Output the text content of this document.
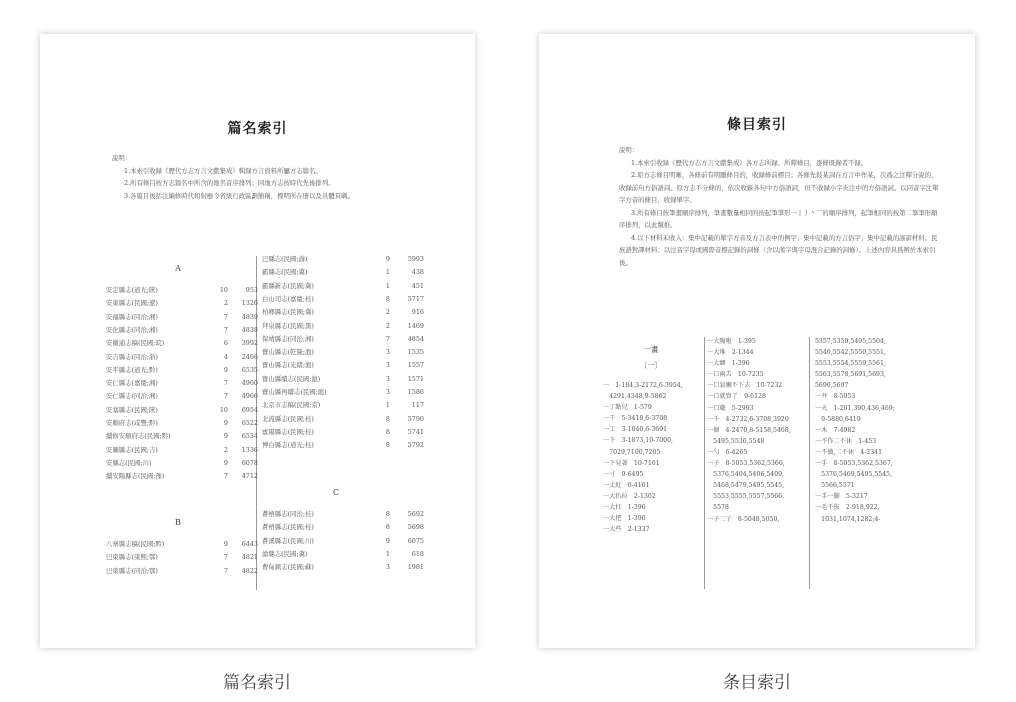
篇名索引

説明：

1.本索引收録《歷代方志方言文獻集成》輯録方言資料所屬方志篇名。

2.所有條目按方志篇名中所含的地名音序排列；同地方志按時代先後排列。

3.各篇目後括注編修時代和射應今省級行政區劃簡稱，標明所在册以及具體頁碼。

A
安定縣志(道光;陝)	10	953
安東縣志(民國;遼)	2	1326
安福縣志(同治;湘)	7	4839
安化縣志(同治;湘)	7	4838
安徽通志稿(民國;皖)	6	3992
安吉縣志(同治;浙)	4	2466
安平縣志(道光;黔)	9	6535
安仁縣志(嘉慶;湘)	7	4960
安仁縣志(同治;湘)	7	4966
安塞縣志(民國;陝)	10	6954
安順府志(咸豐;黔)	9	6522
續修安順府志(民國;黔)	9	6534
安圖縣志(民國;吉)	2	1336
安縣志(民國;川)	9	6078
續安陽縣志(民國;豫)	7	4712
B
八寨縣志稿(民國;黔)	9	6443
巴東縣志(康熙;鄂)	7	4821
巴東縣志(同治;鄂)	7	4822
巴縣志(民國;渝)	9	5993
霸縣志(民國;冀)	1	438
霸縣新志(民國;冀)	1	451
白山司志(嘉慶;桂)	8	5717
柏鄉縣志(民國;冀)	2	916
拜泉縣志(民國;黑)	2	1469
保靖縣志(同治;湘)	7	4854
寶山縣志(乾隆;滬)	3	1535
寶山縣志(光緒;滬)	3	1557
寶山縣續志(民國;滬)	3	1571
寶山縣再續志(民國;滬)	3	1586
北京市志稿(民國;京)	1	117
北流縣志(民國;桂)	8	5790
賓陽縣志(民國;桂)	8	5741
博白縣志(道光;桂)	8	5792
C
蒼梧縣志(同治;桂)	8	5692
蒼梧縣志(民國;桂)	8	5698
蒼溪縣志(民國;川)	9	6075
滄縣志(民國;冀)	1	618
曹甸鎮志(民國;蘇)	3	1981
篇名索引
條目索引

説明：

1.本索引收録《歷代方志方言文獻集成》各方志所録、所釋條目，逐條既錄者不録。

2.原方志條目明晰，各條前有明顯條目的，收録條前標目；各條先敍某詞在方言中作某，次爲之注釋分說的，收録前句方俗語詞。原方志不分條的，依次收錄各句中方俗語詞，但不收録小字夾注中的方俗語詞。以同音字注單字方音的條目，收録單字。

3.所有條目按筆畫順序排列，筆畫數量相同的按起筆筆形一丨丿丶乛的順序排列，起筆相同的按第二筆筆形順序排列，以此類推。

4.以下材料未收入：集中記載的單字方音及方言表中的例字；集中記載的方言俗字；集中記載的謠諺材料；民族語對譯材料；以注音字母或國際音標記錄的詞條（含以漢字與字母混合記錄的詞條）。上述內容具爲辨於本索引後。

一畫
〔一〕
一　1-184,3-2172,6-3954,
　4291,4348,9-5862
一丁點兒　1-579
一干　5-3418,6-3708
一工　3-1840,6-3691
一下　3-1873,10-7000,
　7029,7100,7205
一下見著　10-7101
一寸　9-6495
一丈紅　6-4161
一大扒拉　2-1302
一大扛　1-396
一大把　1-396
一大些　2-1337
一大陶啦　1-395
一大堆　2-1344
一大綑　1-396
一口兩舌　10-7235
一口氣嘸不下去　10-7232
一口就賣了　9-6128
一口瓏　5-2993
一千　4-2732,6-3708,3920
一個　4-2470,8-5158,5468,
　5495,5536,5548
一勺　6-4265
一子　8-5053,5362,5366,
　5376,5404,5406,5409,
　5468,5479,5495,5545,
　5553,5555,5557,5566,
　5578
一子二子　8-5048,5050,
5357,5359,5405,5504,
5540,5542,5550,5551,
5553,5554,5559,5561,
5563,5578,5691,5693,
5696,5697
一井　8-5053
一天　1-201,390,436,469;
　9-5880,6419
一木　7-4982
一不作二不休　1-453
一不做,二不休　4-2341
一手　8-5053,5362,5367,
　5376,5469,5495,5545,
　5566,5571
一手一脚　5-3217
一毛不拔　2-918,922,
　1031,1074,1282;4-
条目索引
